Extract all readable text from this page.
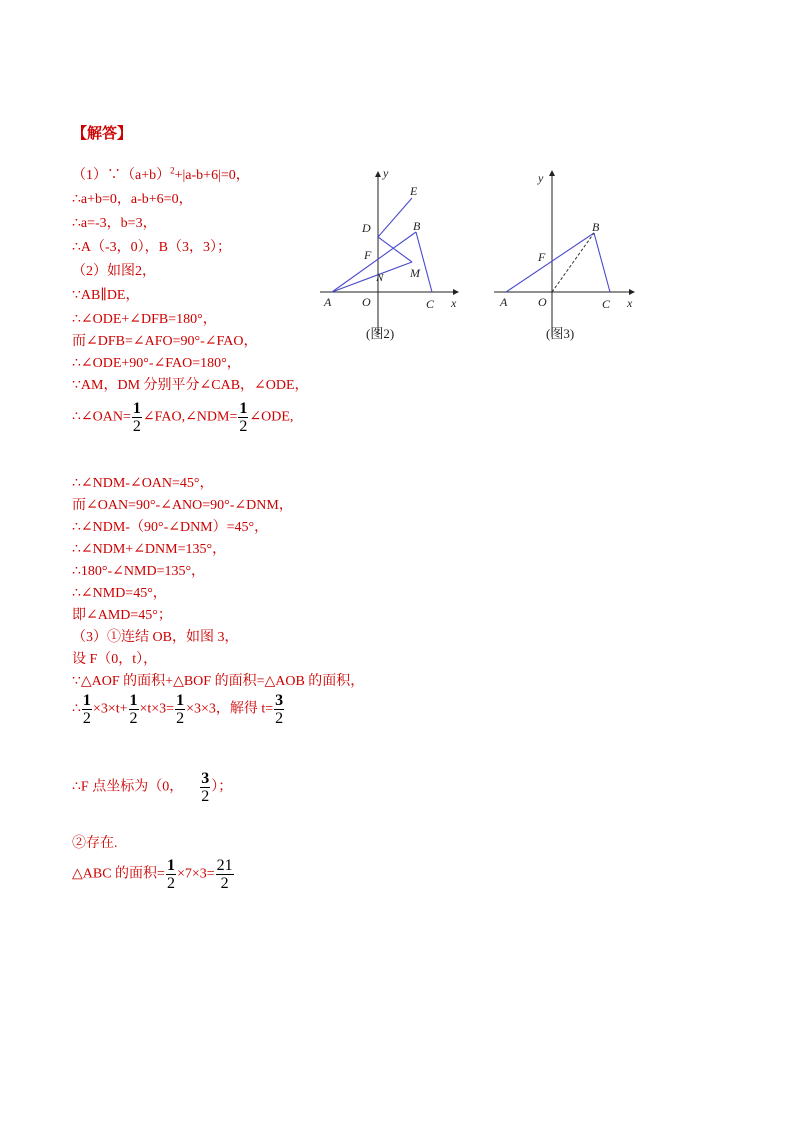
【解答】
$(1)\because(a+b)^2+|a-b+6|=0$，
∴a+b=0，a-b+6=0，
∴a=-3，b=3，
∴A（-3，0），B（3，3）；
（2）如图2，
∵AB∥DE，
∴∠ODE+∠DFB=180°，
而∠DFB=∠AFO=90°-∠FAO，
∴∠ODE+90°-∠FAO=180°，
∵AM，DM 分别平分∠CAB，∠ODE，
∴∠OAN= $\frac{1}{2}$ ∠FAO,∠NDM= $\frac{1}{2}$ ∠ODE,
∴∠NDM-∠OAN=45°，
而∠OAN=90°-∠ANO=90°-∠DNM，
∴∠NDM-（90°-∠DNM）=45°，
∴∠NDM+∠DNM=135°，
∴180°-∠NMD=135°，
∴∠NMD=45°，
即∠AMD=45°；
（3）①连结 OB，如图 3，
设 F（0，t），
∵△AOF 的面积+△BOF 的面积=△AOB 的面积，
∴ $\frac{1}{2} \times 3\times t+ \frac{1}{2} \times t\times 3= \frac{1}{2} \times 3\times 3$，解得 $t= \frac{3}{2}$
∴F 点坐标为（0， $\frac{3}{2}$ ）；
②存在.
△ABC 的面积= $\frac{1}{2} \times 7\times 3= \frac{21}{2}$
y
x
E
D	B
F
N M
A	O	C
(图2)
y
x
B
F
A	O	C
(图3)
